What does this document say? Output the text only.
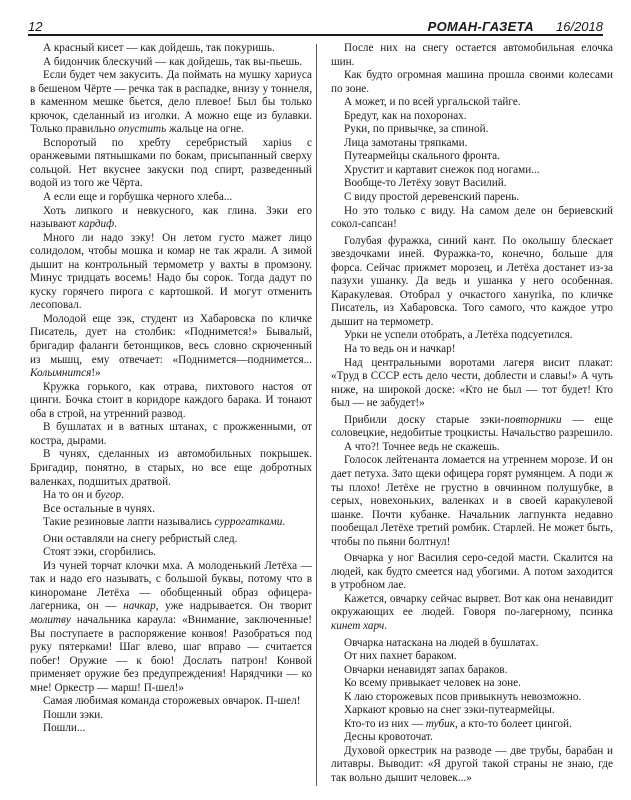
12	РОМАН-ГАЗЕТА 16/2018

А красный кисет — как дойдешь, так покуришь.

А бидончик блескучий — как дойдешь, так вы-пьешь.

Если будет чем закусить. Да поймать на мушку хариуса в бешеном Чёрте — речка так в распадке, внизу у тоннеля, в каменном мешке бьется, дело плевое! Был бы только крючок, сделанный из иголки. А можно еще из булавки. Только правильно опустить жальце на огне.

Вспоротый по хребту серебристый харius с оранжевыми пятнышками по бокам, присыпанный сверху сольцой. Нет вкуснее закуски под спирт, разведенный водой из того же Чёрта.

А если еще и горбушка черного хлеба...

Хоть липкого и невкусного, как глина. Зэки его называют кардиф.

Много ли надо зэку! Он летом густо мажет лицо солидолом, чтобы мошка и комар не так жрали. А зимой дышит на контрольный термометр у вахты в промзону. Минус тридцать восемь! Надо бы сорок. Тогда дадут по куску горячего пирога с картошкой. И могут отменить лесоповал.

Молодой еще зэк, студент из Хабаровска по кличке Писатель, дует на столбик: «Поднимется!» Бывалый, бригадир фаланги бетонщиков, весь словно скрюченный из мышц, ему отвечает: «Поднимется—поднимется... Колымнится!»

Кружка горького, как отрава, пихтового настоя от цинги. Бочка стоит в коридоре каждого барака. И тонают оба в строй, на утренний развод.

В бушлатах и в ватных штанах, с прожженными, от костра, дырами.

В чунях, сделанных из автомобильных покрышек. Бригадир, понятно, в старых, но все еще добротных валенках, подшитых дратвой.

На то он и бугор.

Все остальные в чунях.

Такие резиновые лапти назывались суррогатками.

Они оставляли на снегу ребристый след.

Стоят зэки, сгорбились.

Из чуней торчат клочки мха. А молоденький Летёха — так и надо его называть, с большой буквы, потому что в кинороманe Летёха — обобщенный образ офицера-лагерника, он — начкар, уже надрывается. Он творит молитву начальника караула: «Внимание, заключенные! Вы поступаете в распоряжение конвоя! Разобраться под руку пятерками! Шаг влево, шаг вправо — считается побег! Оружие — к бою! Дослать патрон! Конвой применяет оружие без предупреждения! Нарядчики — ко мне! Оркестр — марш! П-шел!»

Самая любимая команда сторожевых овчарок. П-шел!

Пошли зэки.

Пошли...

После них на снегу остается автомобильная елочка шин.

Как будто огромная машина прошла своими колесами по зоне.

А может, и по всей ургальской тайге.

Бредут, как на похоронах.

Руки, по привычке, за спиной.

Лица замотаны тряпками.

Путеармейцы скального фронта.

Хрустит и картавит снежок под ногами...

Вообще-то Летёху зовут Василий.

С виду простой деревенский парень.

Но это только с виду. На самом деле он бериевский сокол-сапсан!

Голубая фуражка, синий кант. По околышу блескает звездочками иней. Фуражка-то, конечно, больше для форса. Сейчас прижмет морозец, и Летёха достанет из-за пазухи ушанку. Да ведь и ушанка у него особенная. Каракулевая. Отобрал у очкастого хануrika, по кличке Писатель, из Хабаровска. Того самого, что каждое утро дышит на термометр.

Урки не успели отобрать, а Летёха подсуетился.

На то ведь он и начкар!

Над центральными воротами лагеря висит плакат: «Труд в СССР есть дело чести, доблести и славы!» А чуть ниже, на широкой доске: «Кто не был — тот будет! Кто был — не забудет!»

Прибили доску старые зэки-повторники — еще соловецкие, недобитые троцкисты. Начальство разрешило.

А что?! Точнее ведь не скажешь.

Голосок лейтенанта ломается на утреннем морозе. И он дает петуха. Зато щеки офицера горят румянцем. А поди ж ты плохо! Летёхе не грустно в овчинном полушубке, в серых, новехоньких, валенках и в своей каракулевой шанке. Почти кубанке. Начальник лагпункта недавно пообещал Летёхе третий ромбик. Старлей. Не может быть, чтобы по пьяни болтнул!

Овчарка у ног Василия серо-седой масти. Скалится на людей, как будто смеется над убогими. А потом заходится в утробном лае.

Кажется, овчарку сейчас вырвет. Вот как она ненавидит окружающих ее людей. Говоря по-лагерному, псинка кинет харч.

Овчарка натаскана на людей в бушлатах.

От них пахнет бараком.

Овчарки ненавидят запах бараков.

Ко всему привыкает человек на зоне.

К лаю сторожевых псов привыкнуть невозможно.

Харкают кровью на снег зэки-путеармейцы.

Кто-то из них — тубик, а кто-то болеет цингой.

Десны кровоточат.

Духовой оркестрик на разводе — две трубы, барабан и литавры. Выводит: «Я другой такой страны не знаю, где так вольно дышит человек...»
